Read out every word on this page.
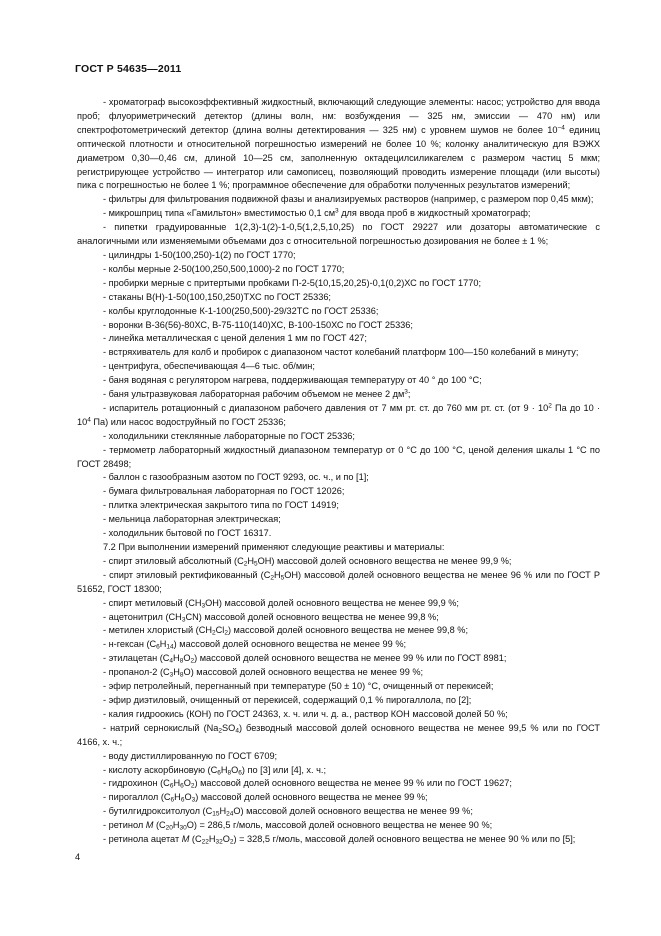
ГОСТ Р 54635—2011

- хроматограф высокоэффективный жидкостный, включающий следующие элементы: насос; устройство для ввода проб; флуориметрический детектор (длины волн, нм: возбуждения — 325 нм, эмиссии — 470 нм) или спектрофотометрический детектор (длина волны детектирования — 325 нм) с уровнем шумов не более $10^{-4}$ единиц оптической плотности и относительной погрешностью измерений не более 10 %; колонку аналитическую для ВЭЖХ диаметром 0,30—0,46 см, длиной 10—25 см, заполненную октадецилсиликагелем с размером частиц 5 мкм; регистрирующее устройство — интегратор или самописец, позволяющий проводить измерение площади (или высоты) пика с погрешностью не более 1 %; программное обеспечение для обработки полученных результатов измерений;

- фильтры для фильтрования подвижной фазы и анализируемых растворов (например, с размером пор 0,45 мкм);

- микрошприц типа «Гамильтон» вместимостью 0,1 $см^3$ для ввода проб в жидкостный хроматограф;

- пипетки градуированные 1(2,3)-1(2)-1-0,5(1,2,5,10,25) по ГОСТ 29227 или дозаторы автоматические с аналогичными или изменяемыми объемами доз с относительной погрешностью дозирования не более ± 1 %;

- цилиндры 1-50(100,250)-1(2) по ГОСТ 1770;

- колбы мерные 2-50(100,250,500,1000)-2 по ГОСТ 1770;

- пробирки мерные с притертыми пробками П-2-5(10,15,20,25)-0,1(0,2)ХС по ГОСТ 1770;

- стаканы В(Н)-1-50(100,150,250)ТХС по ГОСТ 25336;

- колбы круглодонные К-1-100(250,500)-29/32ТС по ГОСТ 25336;

- воронки В-36(56)-80ХС, В-75-110(140)ХС, В-100-150ХС по ГОСТ 25336;

- линейка металлическая с ценой деления 1 мм по ГОСТ 427;

- встряхиватель для колб и пробирок с диапазоном частот колебаний платформ 100—150 колебаний в минуту;

- центрифуга, обеспечивающая 4—6 тыс. об/мин;

- баня водяная с регулятором нагрева, поддерживающая температуру от 40 ° до 100 °С;

- баня ультразвуковая лабораторная рабочим объемом не менее 2 $дм^3$;

- испаритель ротационный с диапазоном рабочего давления от 7 мм рт. ст. до 760 мм рт. ст. (от $9 \cdot 10^2$ Па до $10 \cdot 10^4$ Па) или насос водоструйный по ГОСТ 25336;

- холодильники стеклянные лабораторные по ГОСТ 25336;

- термометр лабораторный жидкостный диапазоном температур от 0 °С до 100 °С, ценой деления шкалы 1 °С по ГОСТ 28498;

- баллон с газообразным азотом по ГОСТ 9293, ос. ч., и по [1];

- бумага фильтровальная лабораторная по ГОСТ 12026;

- плитка электрическая закрытого типа по ГОСТ 14919;

- мельница лабораторная электрическая;

- холодильник бытовой по ГОСТ 16317.

7.2 При выполнении измерений применяют следующие реактивы и материалы:

- спирт этиловый абсолютный $(С_2Н_5ОН)$ массовой долей основного вещества не менее 99,9 %;

- спирт этиловый ректификованный $(С_2Н_5ОН)$ массовой долей основного вещества не менее 96 % или по ГОСТ Р 51652, ГОСТ 18300;

- спирт метиловый $(СН_3ОН)$ массовой долей основного вещества не менее 99,9 %;

- ацетонитрил $(СН_3СN)$ массовой долей основного вещества не менее 99,8 %;

- метилен хлористый $(СН_2Сl_2)$ массовой долей основного вещества не менее 99,8 %;

- н-гексан $(С_6Н_{14})$ массовой долей основного вещества не менее 99 %;

- этилацетан $(С_4Н_8О_2)$ массовой долей основного вещества не менее 99 % или по ГОСТ 8981;

- пропанол-2 $(С_3Н_8О)$ массовой долей основного вещества не менее 99 %;

- эфир петролейный, перегнанный при температуре (50 ± 10) °С, очищенный от перекисей;

- эфир диэтиловый, очищенный от перекисей, содержащий 0,1 % пирогаллола, по [2];

- калия гидроокись (КОН) по ГОСТ 24363, х. ч. или ч. д. а., раствор КОН массовой долей 50 %;

- натрий сернокислый $(Na_2SO_4)$ безводный массовой долей основного вещества не менее 99,5 % или по ГОСТ 4166, х. ч.;

- воду дистиллированную по ГОСТ 6709;

- кислоту аскорбиновую $(С_6Н_8О_6)$ по [3] или [4], х. ч.;

- гидрохинон $(С_6Н_6О_2)$ массовой долей основного вещества не менее 99 % или по ГОСТ 19627;

- пирогаллол $(С_6Н_6О_3)$ массовой долей основного вещества не менее 99 %;

- бутилгидрокситолуол $(С_{15}Н_{24}О)$ массовой долей основного вещества не менее 99 %;

- ретинол M $(С_{20}Н_{30}О) = 286,5$ г/моль, массовой долей основного вещества не менее 90 %;

- ретинола ацетат M $(С_{22}Н_{32}О_2) = 328,5$ г/моль, массовой долей основного вещества не менее 90 % или по [5];

4
